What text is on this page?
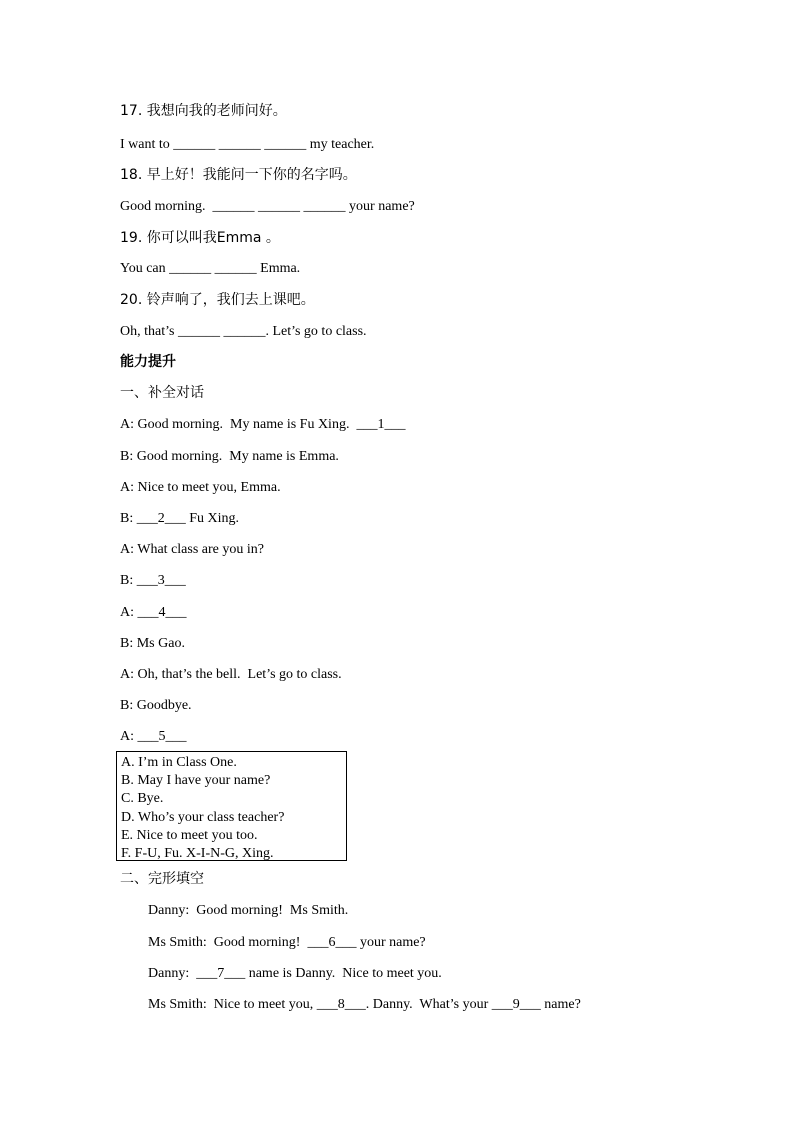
17. 我想向我的老师问好。
I want to ______ ______ ______ my teacher.
18. 早上好！我能问一下你的名字吗。
Good morning.  ______ ______ ______ your name?
19. 你可以叫我Emma 。
You can ______ ______ Emma.
20. 铃声响了，我们去上课吧。
Oh, that’s ______ ______. Let’s go to class.
能力提升
一、补全对话
A: Good morning.  My name is Fu Xing.  ___1___
B: Good morning.  My name is Emma.
A: Nice to meet you, Emma.
B: ___2___ Fu Xing.
A: What class are you in?
B: ___3___
A: ___4___
B: Ms Gao.
A: Oh, that’s the bell.  Let’s go to class.
B: Goodbye.
A: ___5___
A. I’m in Class One.
B. May I have your name?
C. Bye.
D. Who’s your class teacher?
E. Nice to meet you too.
F. F-U, Fu. X-I-N-G, Xing.
二、完形填空
Danny:  Good morning!  Ms Smith.
Ms Smith:  Good morning!  ___6___ your name?
Danny:  ___7___ name is Danny.  Nice to meet you.
Ms Smith:  Nice to meet you, ___8___. Danny.  What’s your ___9___ name?
